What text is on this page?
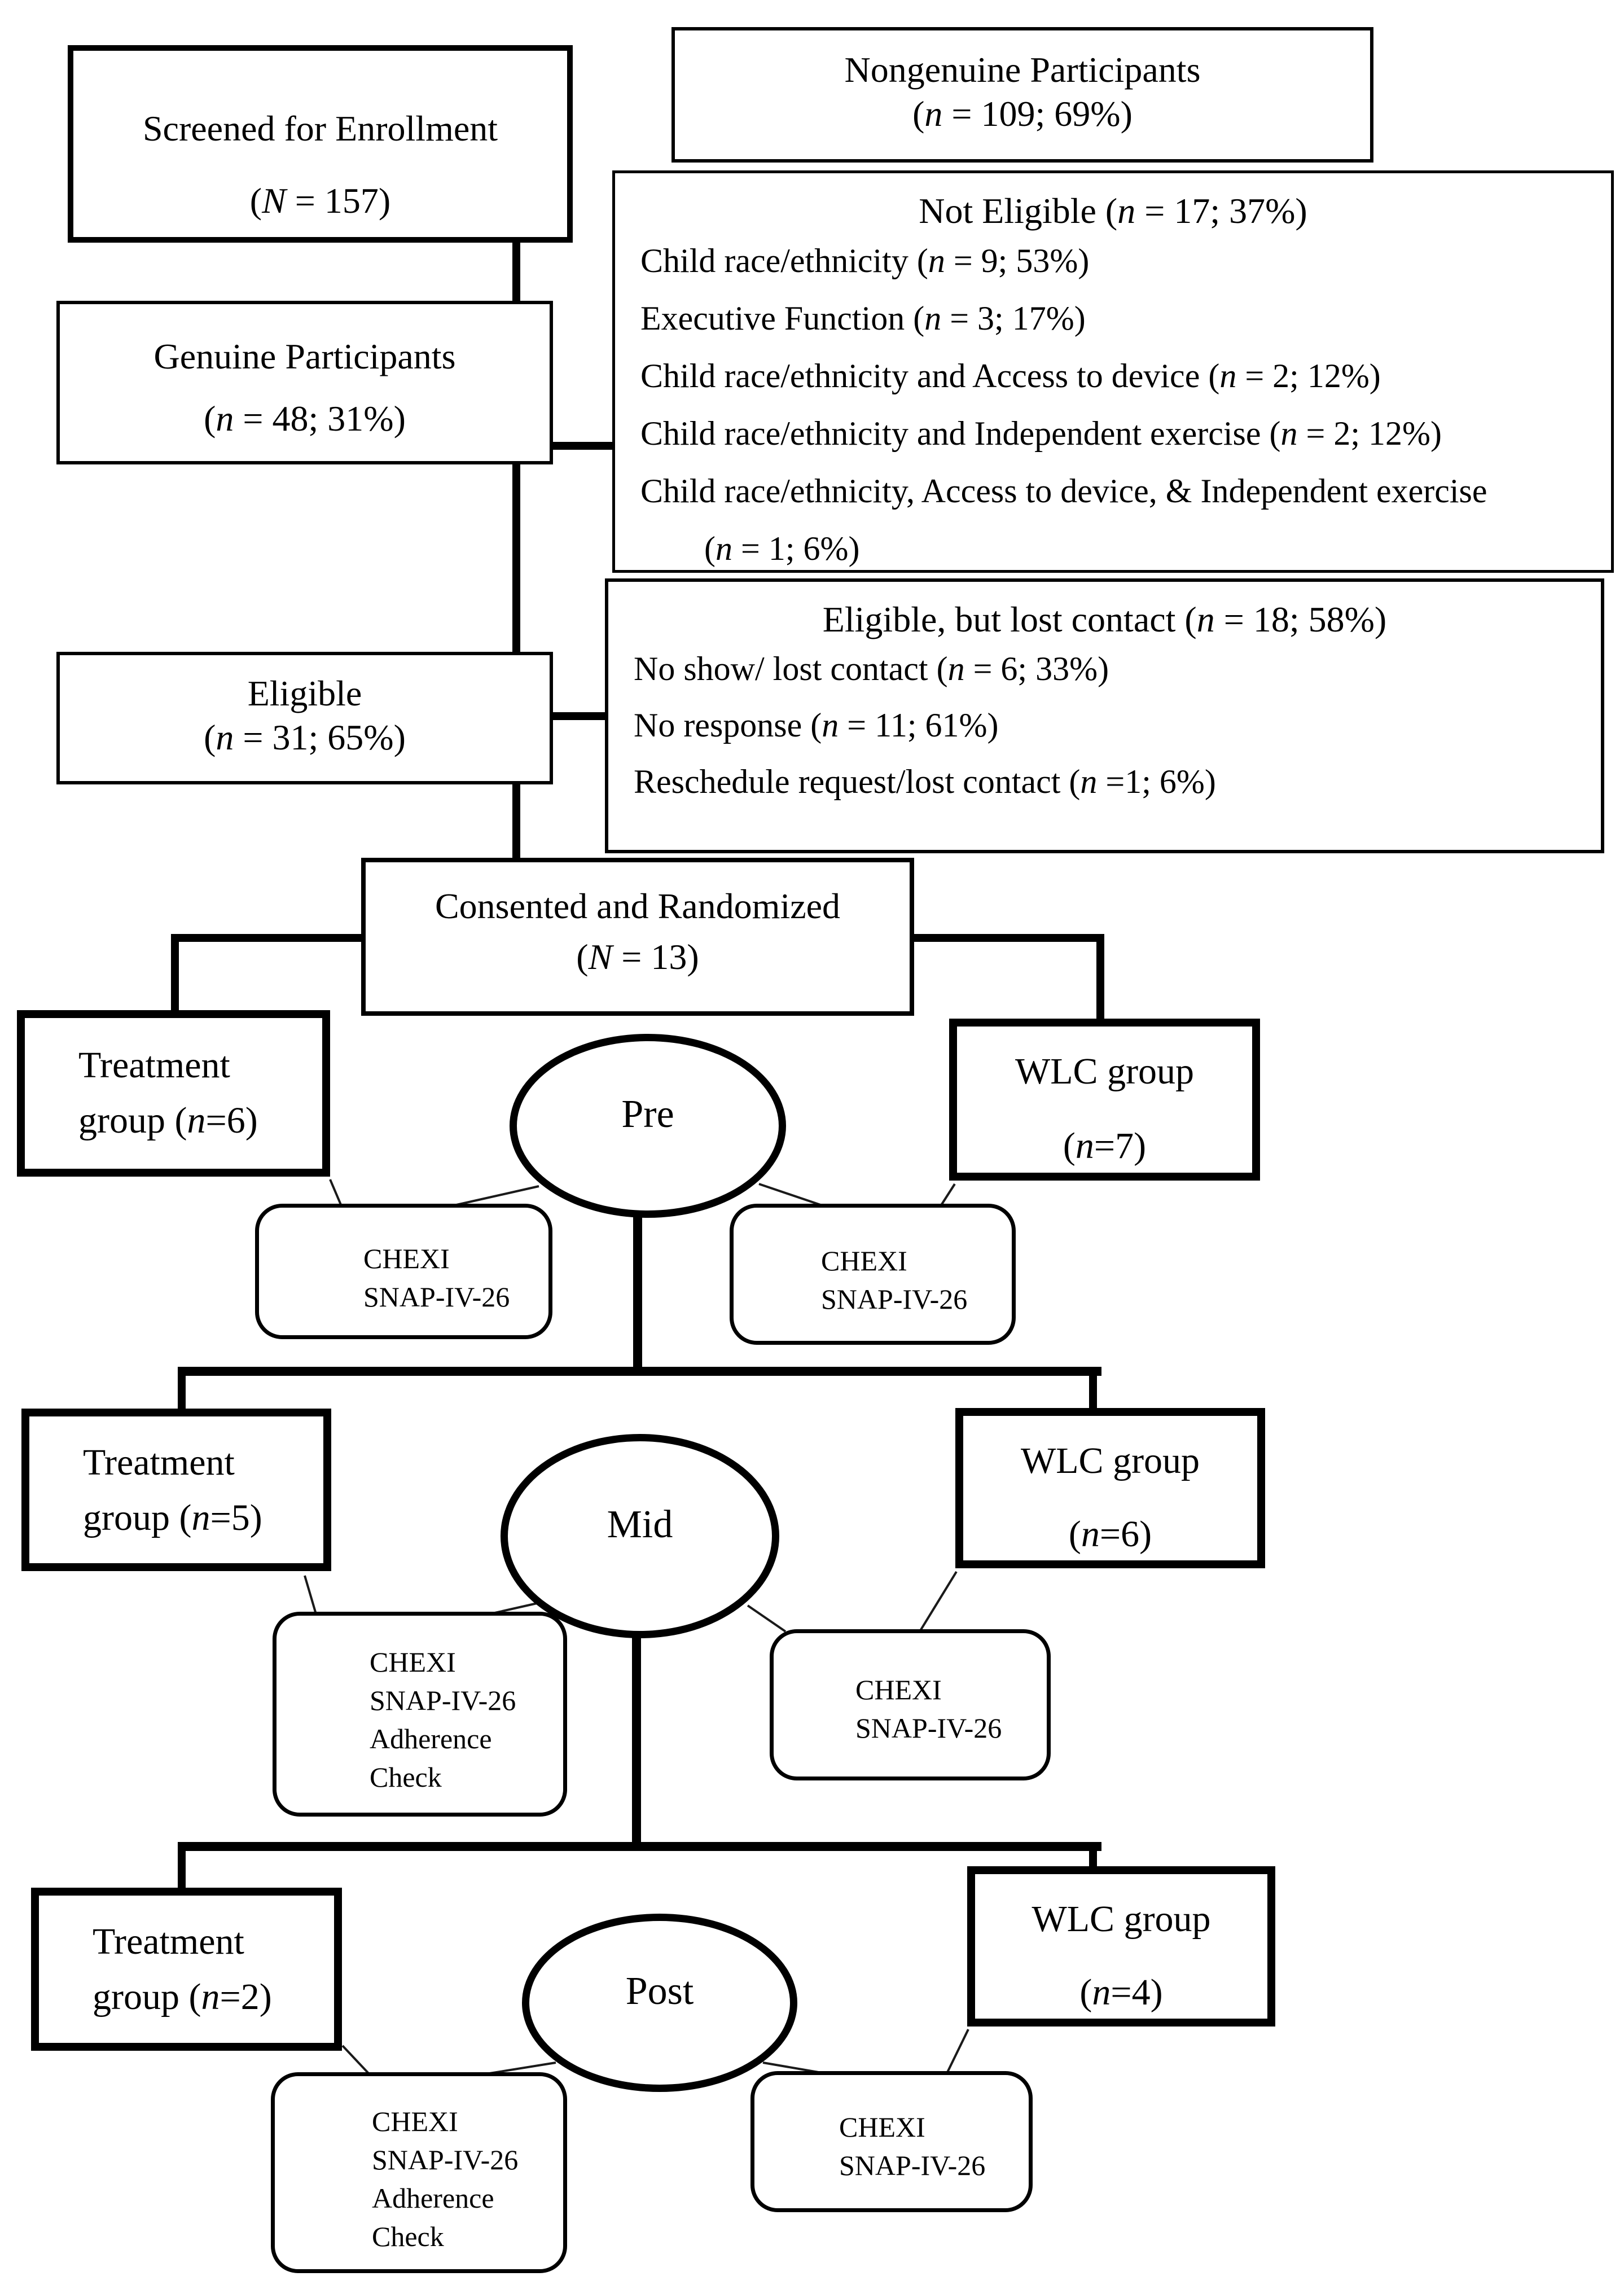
Screened for Enrollment
(N = 157)
Nongenuine Participants
(n = 109; 69%)
Not Eligible (n = 17; 37%)
Child race/ethnicity (n = 9; 53%)
Executive Function (n = 3; 17%)
Child race/ethnicity and Access to device (n = 2; 12%)
Child race/ethnicity and Independent exercise (n = 2; 12%)
Child race/ethnicity, Access to device, & Independent exercise
(n = 1; 6%)
Genuine Participants
(n = 48; 31%)
Eligible, but lost contact (n = 18; 58%)
No show/ lost contact (n = 6; 33%)
No response (n = 11; 61%)
Reschedule request/lost contact (n =1; 6%)
Eligible
(n = 31; 65%)
Consented and Randomized
(N = 13)
Treatment
group (n=6)	Pre
WLC group
(n=7)
CHEXI
SNAP-IV-26
CHEXI
SNAP-IV-26
Treatment
group (n=5)	Mid
WLC group
(n=6)
CHEXI
SNAP-IV-26
Adherence
Check
CHEXI
SNAP-IV-26
Treatment
group (n=2)	Post
WLC group
(n=4)
CHEXI
SNAP-IV-26
Adherence
Check
CHEXI
SNAP-IV-26
